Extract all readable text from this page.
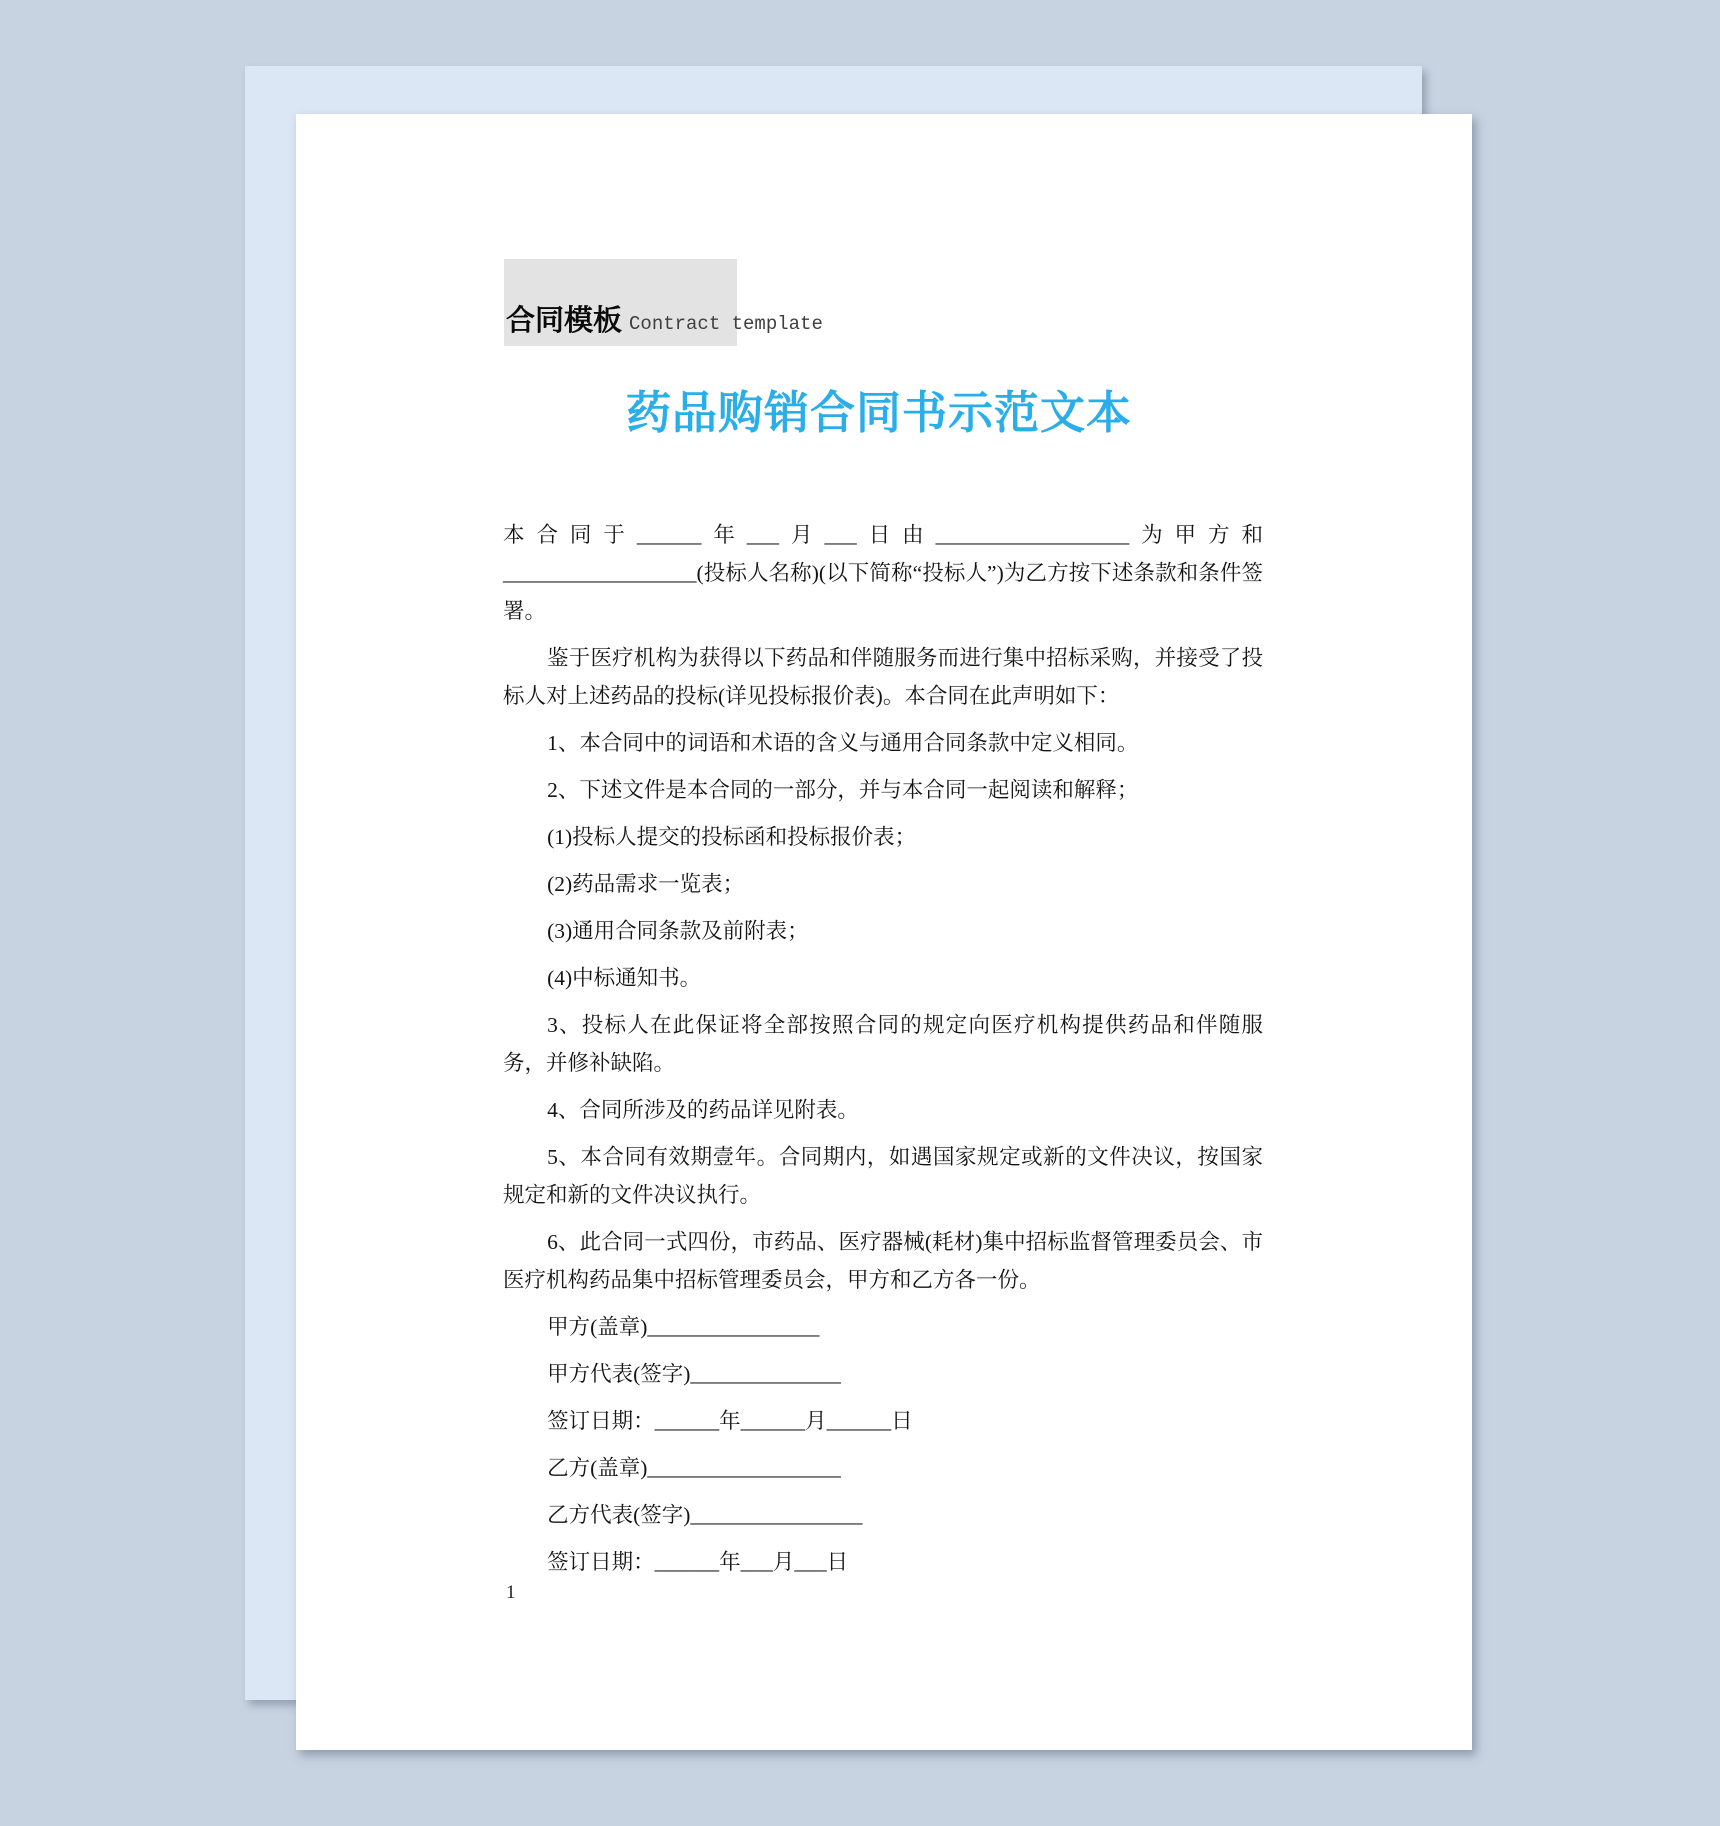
合同模板 Contract template
药品购销合同书示范文本

本合同于______年___月___日由__________________为甲方和__________________(投标人名称)(以下简称“投标人”)为乙方按下述条款和条件签署。

鉴于医疗机构为获得以下药品和伴随服务而进行集中招标采购，并接受了投标人对上述药品的投标(详见投标报价表)。本合同在此声明如下：

1、本合同中的词语和术语的含义与通用合同条款中定义相同。

2、下述文件是本合同的一部分，并与本合同一起阅读和解释；

(1)投标人提交的投标函和投标报价表；

(2)药品需求一览表；

(3)通用合同条款及前附表；

(4)中标通知书。

3、投标人在此保证将全部按照合同的规定向医疗机构提供药品和伴随服务，并修补缺陷。

4、合同所涉及的药品详见附表。

5、本合同有效期壹年。合同期内，如遇国家规定或新的文件决议，按国家规定和新的文件决议执行。

6、此合同一式四份，市药品、医疗器械(耗材)集中招标监督管理委员会、市医疗机构药品集中招标管理委员会，甲方和乙方各一份。

甲方(盖章)________________

甲方代表(签字)______________

签订日期：______年______月______日

乙方(盖章)__________________

乙方代表(签字)________________

签订日期：______年___月___日

1
